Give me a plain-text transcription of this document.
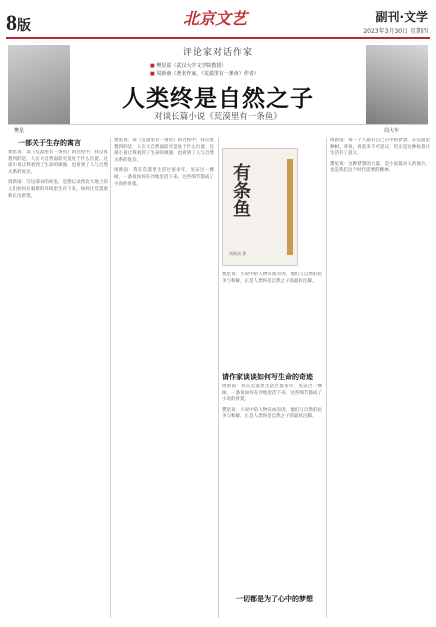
8版	北京文艺	副刊·文学
2023年3月30日 星期四
樊星	周大年
评论家对话作家
■ 樊星说（武汉大学文学院教授）
■ 周新南（著名作家，《荒漠里有一条鱼》作者）
人类终是自然之子
对谈长篇小说《荒漠里有一条鱼》
一部关于生存的寓言

樊星说：读《荒漠里有一条鱼》的过程中，我反复想到的是，人在大自然面前究竟处于什么位置。这部小说让我看到了生命的顽强，也看到了人与自然关系的复杂。

周新南：写这部书的初衷，是想记录西北大地上的人们如何在艰难的环境里生存下来，如何让荒漠重新长出希望。

樊星说：读《荒漠里有一条鱼》的过程中，我反复想到的是，人在大自然面前究竟处于什么位置。这部小说让我看到了生命的顽强，也看到了人与自然关系的复杂。

周新南：我在荒漠里生活过很多年，见证过一棵树、一条鱼如何在沙地里活下来。这些细节都成了小说的骨架。	有条鱼
周新南 著
请作家谈谈如何写生命的奇迹

樊星说：小说中的人物有血有肉，他们与自然的抗争与和解，正是人类终是自然之子的最好注脚。

周新南：我在荒漠里生活过很多年，见证过一棵树、一条鱼如何在沙地里活下来。这些细节都成了小说的骨架。

樊星说：小说中的人物有血有肉，他们与自然的抗争与和解，正是人类终是自然之子的最好注脚。

一切都是为了心中的梦想

周新南：每一个人都有自己心中的梦想，在荒漠里种树、养鱼，看起来不可思议，但正是这种执着让生活有了意义。

樊星说：这种梦想的力量，是小说最动人的地方，也是我们这个时代需要的精神。
